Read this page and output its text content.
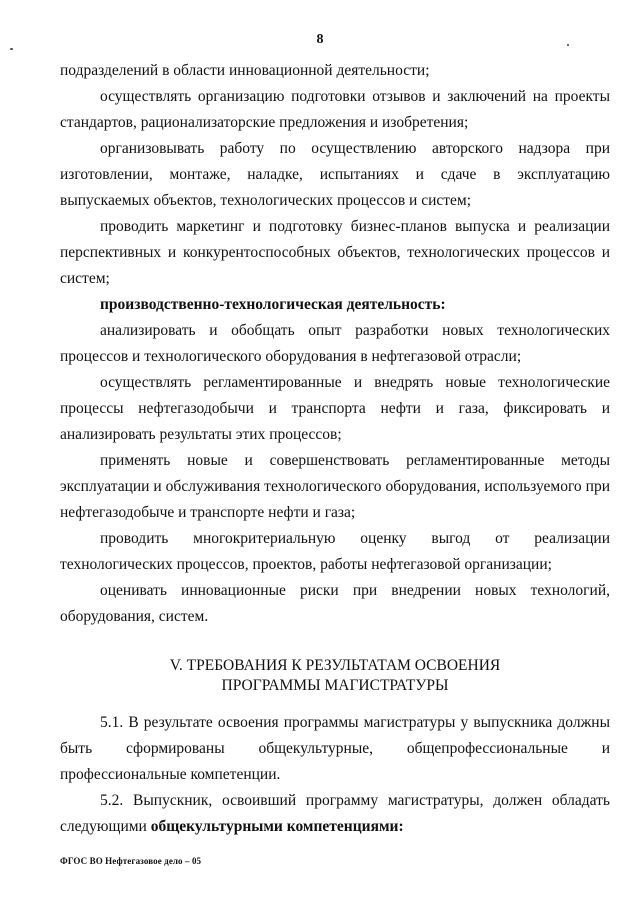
8

подразделений в области инновационной деятельности;

осуществлять организацию подготовки отзывов и заключений на проекты стандартов, рационализаторские предложения и изобретения;

организовывать работу по осуществлению авторского надзора при изготовлении, монтаже, наладке, испытаниях и сдаче в эксплуатацию выпускаемых объектов, технологических процессов и систем;

проводить маркетинг и подготовку бизнес-планов выпуска и реализации перспективных и конкурентоспособных объектов, технологических процессов и систем;

производственно-технологическая деятельность:

анализировать и обобщать опыт разработки новых технологических процессов и технологического оборудования в нефтегазовой отрасли;

осуществлять регламентированные и внедрять новые технологические процессы нефтегазодобычи и транспорта нефти и газа, фиксировать и анализировать результаты этих процессов;

применять новые и совершенствовать регламентированные методы эксплуатации и обслуживания технологического оборудования, используемого при нефтегазодобыче и транспорте нефти и газа;

проводить многокритериальную оценку выгод от реализации технологических процессов, проектов, работы нефтегазовой организации;

оценивать инновационные риски при внедрении новых технологий, оборудования, систем.

V. ТРЕБОВАНИЯ К РЕЗУЛЬТАТАМ ОСВОЕНИЯ
ПРОГРАММЫ МАГИСТРАТУРЫ

5.1. В результате освоения программы магистратуры у выпускника должны быть сформированы общекультурные, общепрофессиональные и профессиональные компетенции.

5.2. Выпускник, освоивший программу магистратуры, должен обладать следующими общекультурными компетенциями:

ФГОС ВО Нефтегазовое дело – 05
